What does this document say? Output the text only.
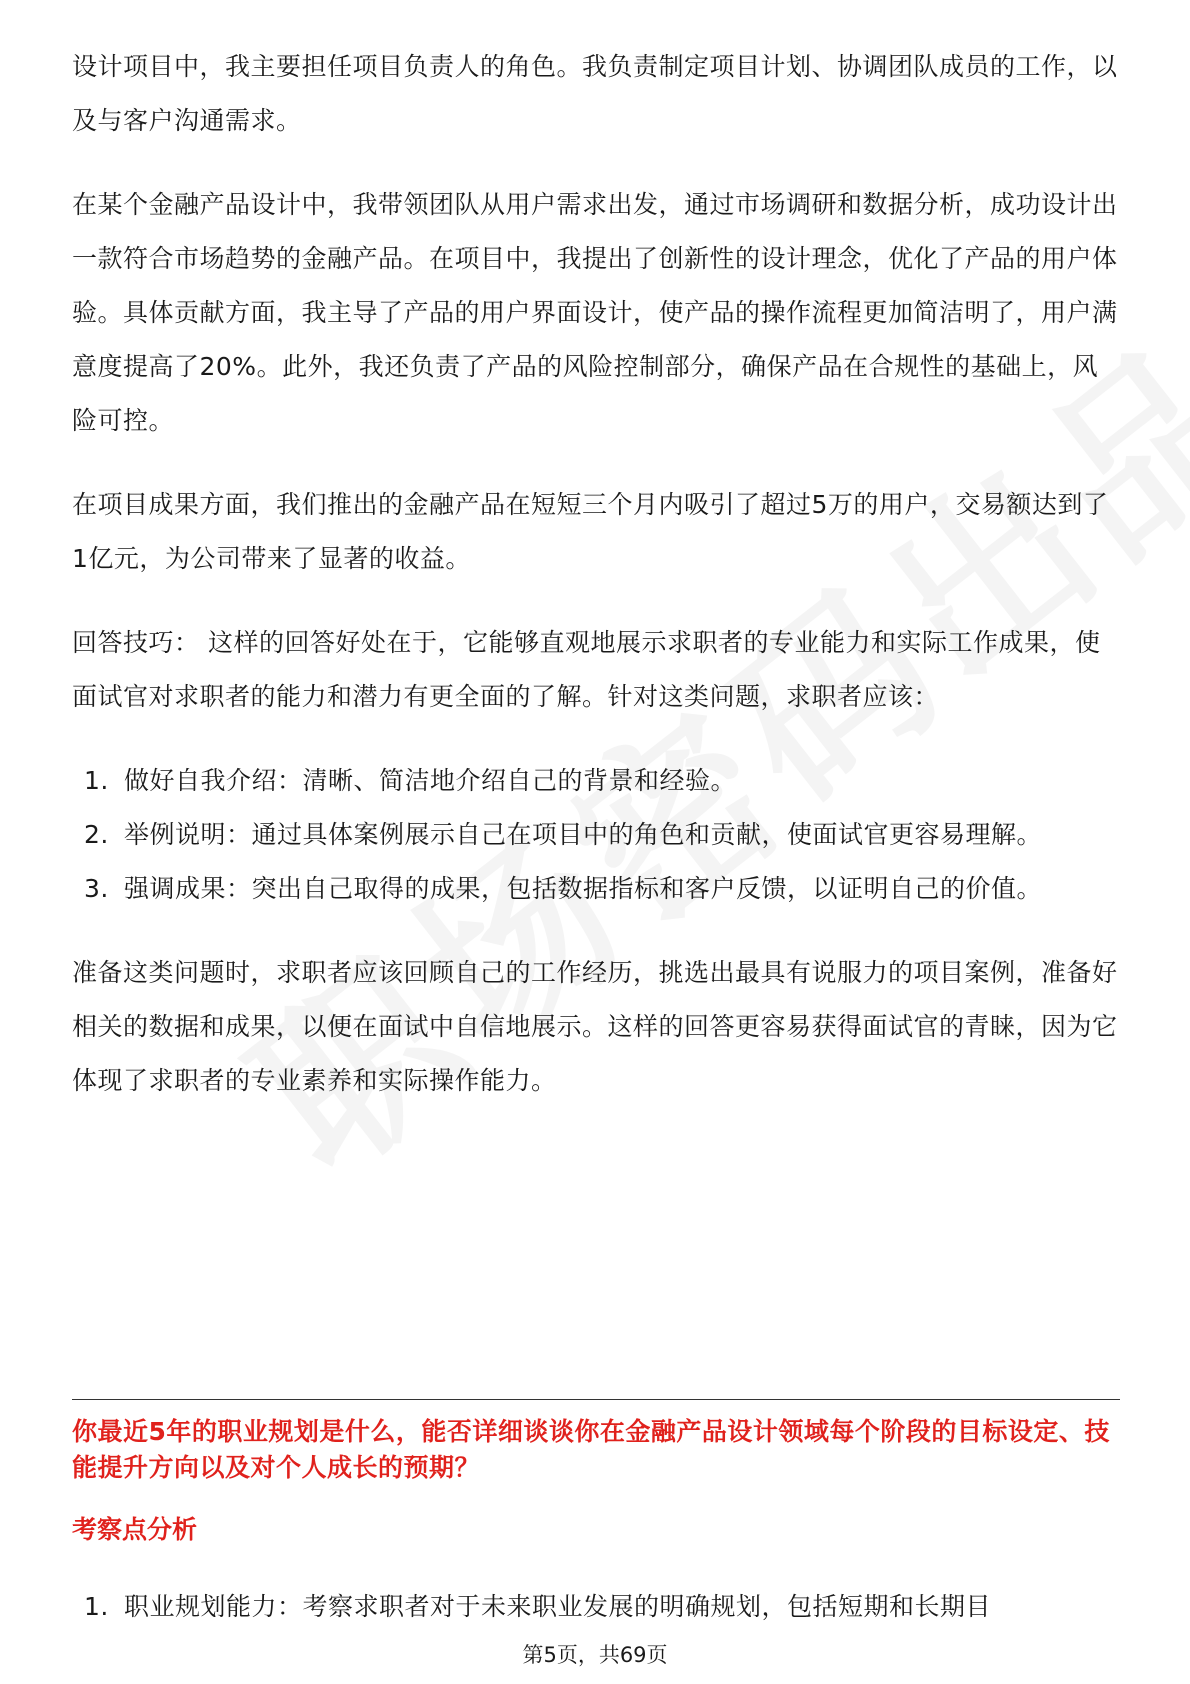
设计项目中，我主要担任项目负责人的角色。我负责制定项目计划、协调团队成员的工作，以及与客户沟通需求。

在某个金融产品设计中，我带领团队从用户需求出发，通过市场调研和数据分析，成功设计出一款符合市场趋势的金融产品。在项目中，我提出了创新性的设计理念，优化了产品的用户体验。具体贡献方面，我主导了产品的用户界面设计，使产品的操作流程更加简洁明了，用户满意度提高了20%。此外，我还负责了产品的风险控制部分，确保产品在合规性的基础上，风险可控。

在项目成果方面，我们推出的金融产品在短短三个月内吸引了超过5万的用户，交易额达到了1亿元，为公司带来了显著的收益。

回答技巧： 这样的回答好处在于，它能够直观地展示求职者的专业能力和实际工作成果，使面试官对求职者的能力和潜力有更全面的了解。针对这类问题，求职者应该：

1. 做好自我介绍：清晰、简洁地介绍自己的背景和经验。
2. 举例说明：通过具体案例展示自己在项目中的角色和贡献，使面试官更容易理解。
3. 强调成果：突出自己取得的成果，包括数据指标和客户反馈，以证明自己的价值。

准备这类问题时，求职者应该回顾自己的工作经历，挑选出最具有说服力的项目案例，准备好相关的数据和成果，以便在面试中自信地展示。这样的回答更容易获得面试官的青睐，因为它体现了求职者的专业素养和实际操作能力。

你最近5年的职业规划是什么，能否详细谈谈你在金融产品设计领域每个阶段的目标设定、技能提升方向以及对个人成长的预期？
考察点分析
1. 职业规划能力：考察求职者对于未来职业发展的明确规划，包括短期和长期目
第5页，共69页
